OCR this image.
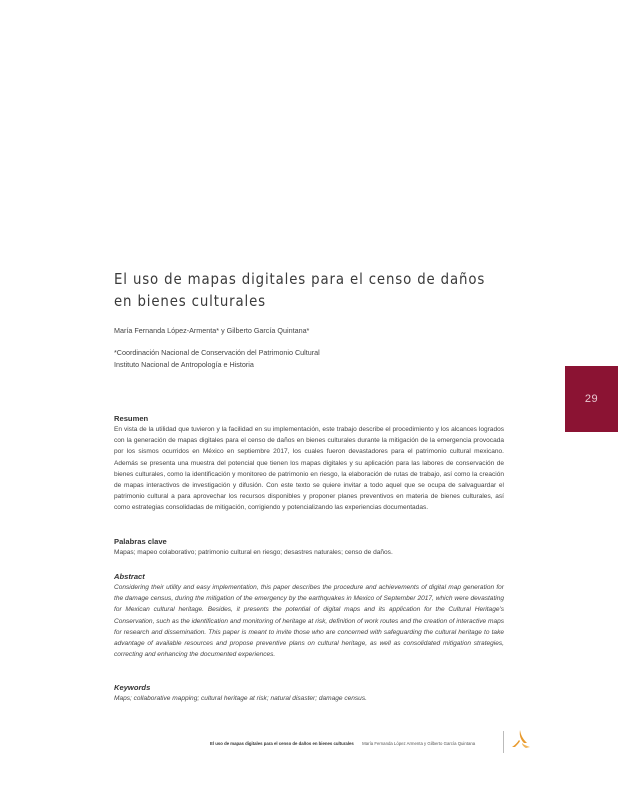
El uso de mapas digitales para el censo de daños
en bienes culturales
María Fernanda López-Armenta* y Gilberto García Quintana*
*Coordinación Nacional de Conservación del Patrimonio Cultural
Instituto Nacional de Antropología e Historia
29
Resumen

En vista de la utilidad que tuvieron y la facilidad en su implementación, este trabajo describe el procedimiento y los alcances logrados con la generación de mapas digitales para el censo de daños en bienes culturales durante la mitigación de la emergencia provocada por los sismos ocurridos en México en septiembre 2017, los cuales fueron devastadores para el patrimonio cultural mexicano. Además se presenta una muestra del potencial que tienen los mapas digitales y su aplicación para las labores de conservación de bienes culturales, como la identificación y monitoreo de patrimonio en riesgo, la elaboración de rutas de trabajo, así como la creación de mapas interactivos de investigación y difusión. Con este texto se quiere invitar a todo aquel que se ocupa de salvaguardar el patrimonio cultural a para aprovechar los recursos disponibles y proponer planes preventivos en materia de bienes culturales, así como estrategias consolidadas de mitigación, corrigiendo y potencializando las experiencias documentadas.

Palabras clave

Mapas; mapeo colaborativo; patrimonio cultural en riesgo; desastres naturales; censo de daños.

Abstract

Considering their utility and easy implementation, this paper describes the procedure and achievements of digital map generation for the damage census, during the mitigation of the emergency by the earthquakes in Mexico of September 2017, which were devastating for Mexican cultural heritage. Besides, it presents the potential of digital maps and its application for the Cultural Heritage's Conservation, such as the identification and monitoring of heritage at risk, definition of work routes and the creation of interactive maps for research and dissemination. This paper is meant to invite those who are concerned with safeguarding the cultural heritage to take advantage of available resources and propose preventive plans on cultural heritage, as well as consolidated mitigation strategies, correcting and enhancing the documented experiences.

Keywords

Maps; collaborative mapping; cultural heritage at risk; natural disaster; damage census.

El uso de mapas digitales para el censo de daños en bienes culturales María Fernanda López Armenta y Gilberto García Quintana
